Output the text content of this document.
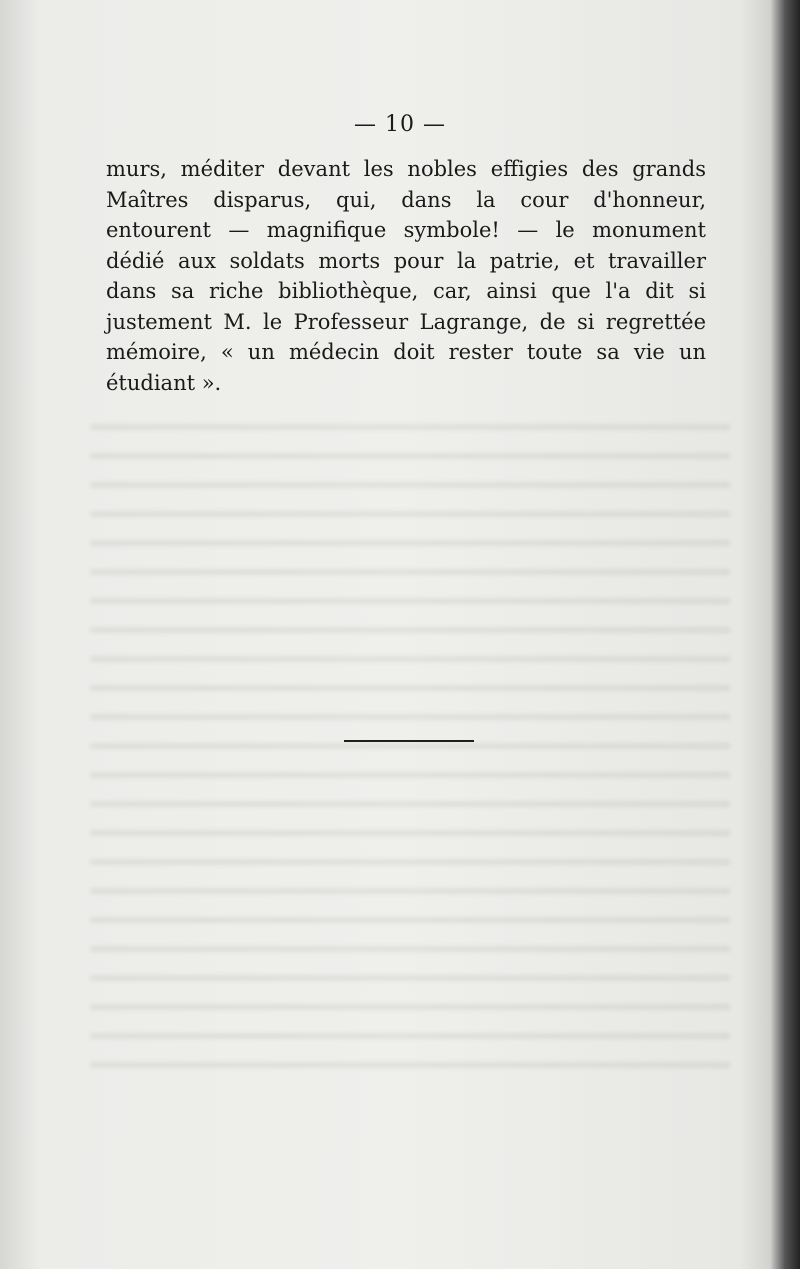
— 10 —

murs, méditer devant les nobles effigies des grands Maîtres disparus, qui, dans la cour d'honneur, entourent — magnifique symbole! — le monument dédié aux soldats morts pour la patrie, et travailler dans sa riche bibliothèque, car, ainsi que l'a dit si justement M. le Professeur Lagrange, de si regrettée mémoire, « un médecin doit rester toute sa vie un étudiant ».
